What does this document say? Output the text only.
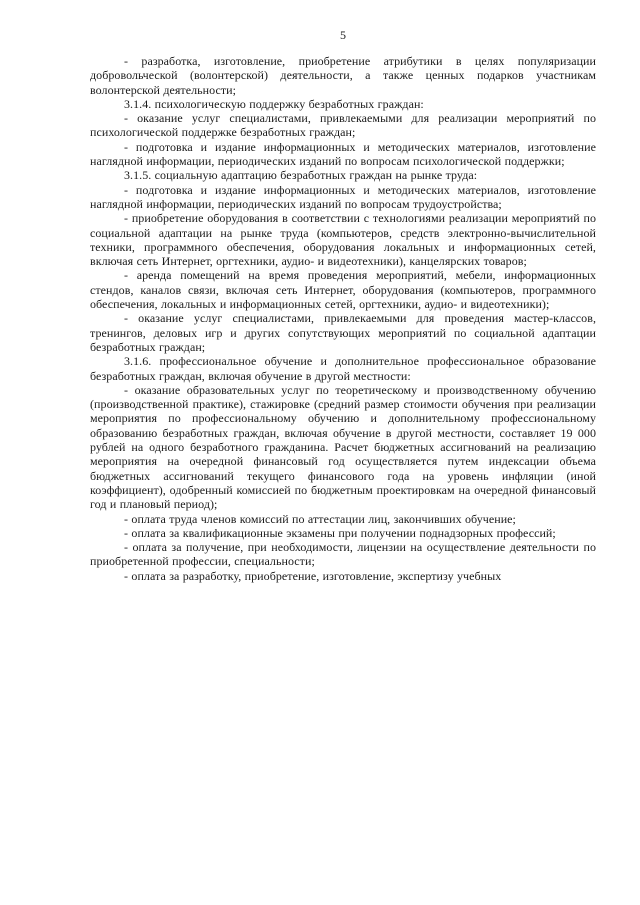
5

- разработка, изготовление, приобретение атрибутики в целях популяризации добровольческой (волонтерской) деятельности, а также ценных подарков участникам волонтерской деятельности;

3.1.4. психологическую поддержку безработных граждан:

- оказание услуг специалистами, привлекаемыми для реализации мероприятий по психологической поддержке безработных граждан;

- подготовка и издание информационных и методических материалов, изготовление наглядной информации, периодических изданий по вопросам психологической поддержки;

3.1.5. социальную адаптацию безработных граждан на рынке труда:

- подготовка и издание информационных и методических материалов, изготовление наглядной информации, периодических изданий по вопросам трудоустройства;

- приобретение оборудования в соответствии с технологиями реализации мероприятий по социальной адаптации на рынке труда (компьютеров, средств электронно-вычислительной техники, программного обеспечения, оборудования локальных и информационных сетей, включая сеть Интернет, оргтехники, аудио- и видеотехники), канцелярских товаров;

- аренда помещений на время проведения мероприятий, мебели, информационных стендов, каналов связи, включая сеть Интернет, оборудования (компьютеров, программного обеспечения, локальных и информационных сетей, оргтехники, аудио- и видеотехники);

- оказание услуг специалистами, привлекаемыми для проведения мастер-классов, тренингов, деловых игр и других сопутствующих мероприятий по социальной адаптации безработных граждан;

3.1.6. профессиональное обучение и дополнительное профессиональное образование безработных граждан, включая обучение в другой местности:

- оказание образовательных услуг по теоретическому и производственному обучению (производственной практике), стажировке (средний размер стоимости обучения при реализации мероприятия по профессиональному обучению и дополнительному профессиональному образованию безработных граждан, включая обучение в другой местности, составляет 19 000 рублей на одного безработного гражданина. Расчет бюджетных ассигнований на реализацию мероприятия на очередной финансовый год осуществляется путем индексации объема бюджетных ассигнований текущего финансового года на уровень инфляции (иной коэффициент), одобренный комиссией по бюджетным проектировкам на очередной финансовый год и плановый период);

- оплата труда членов комиссий по аттестации лиц, закончивших обучение;

- оплата за квалификационные экзамены при получении поднадзорных профессий;

- оплата за получение, при необходимости, лицензии на осуществление деятельности по приобретенной профессии, специальности;

- оплата за разработку, приобретение, изготовление, экспертизу учебных
